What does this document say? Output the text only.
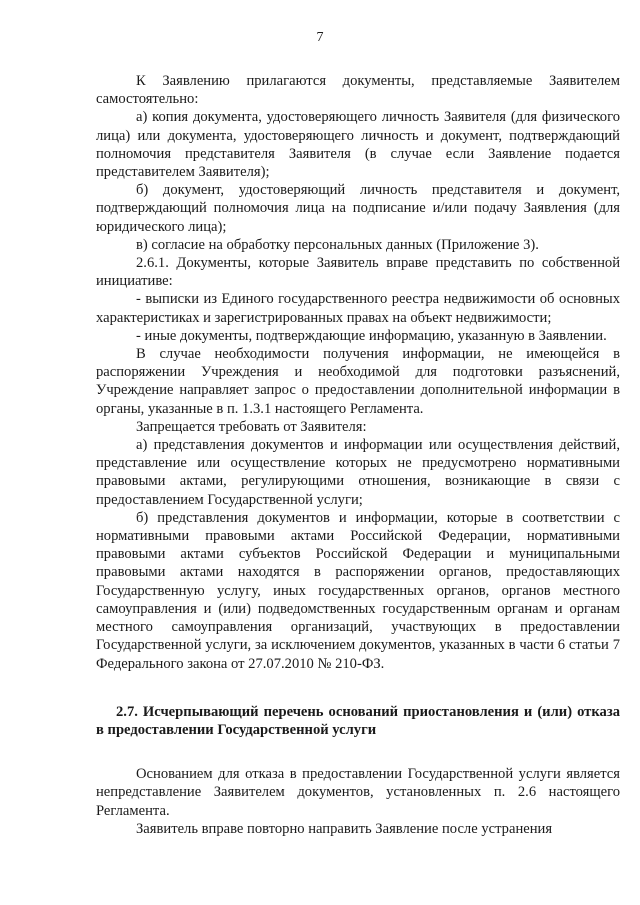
7

К Заявлению прилагаются документы, представляемые Заявителем самостоятельно:

а) копия документа, удостоверяющего личность Заявителя (для физического лица) или документа, удостоверяющего личность и документ, подтверждающий полномочия представителя Заявителя (в случае если Заявление подается представителем Заявителя);

б) документ, удостоверяющий личность представителя и документ, подтверждающий полномочия лица на подписание и/или подачу Заявления (для юридического лица);

в) согласие на обработку персональных данных (Приложение 3).

2.6.1. Документы, которые Заявитель вправе представить по собственной инициативе:

- выписки из Единого государственного реестра недвижимости об основных характеристиках и зарегистрированных правах на объект недвижимости;

- иные документы, подтверждающие информацию, указанную в Заявлении.

В случае необходимости получения информации, не имеющейся в распоряжении Учреждения и необходимой для подготовки разъяснений, Учреждение направляет запрос о предоставлении дополнительной информации в органы, указанные в п. 1.3.1 настоящего Регламента.

Запрещается требовать от Заявителя:

а) представления документов и информации или осуществления действий, представление или осуществление которых не предусмотрено нормативными правовыми актами, регулирующими отношения, возникающие в связи с предоставлением Государственной услуги;

б) представления документов и информации, которые в соответствии с нормативными правовыми актами Российской Федерации, нормативными правовыми актами субъектов Российской Федерации и муниципальными правовыми актами находятся в распоряжении органов, предоставляющих Государственную услугу, иных государственных органов, органов местного самоуправления и (или) подведомственных государственным органам и органам местного самоуправления организаций, участвующих в предоставлении Государственной услуги, за исключением документов, указанных в части 6 статьи 7 Федерального закона от 27.07.2010 № 210-ФЗ.

2.7. Исчерпывающий перечень оснований приостановления и (или) отказа в предоставлении Государственной услуги

Основанием для отказа в предоставлении Государственной услуги является непредставление Заявителем документов, установленных п. 2.6 настоящего Регламента.

Заявитель вправе повторно направить Заявление после устранения
